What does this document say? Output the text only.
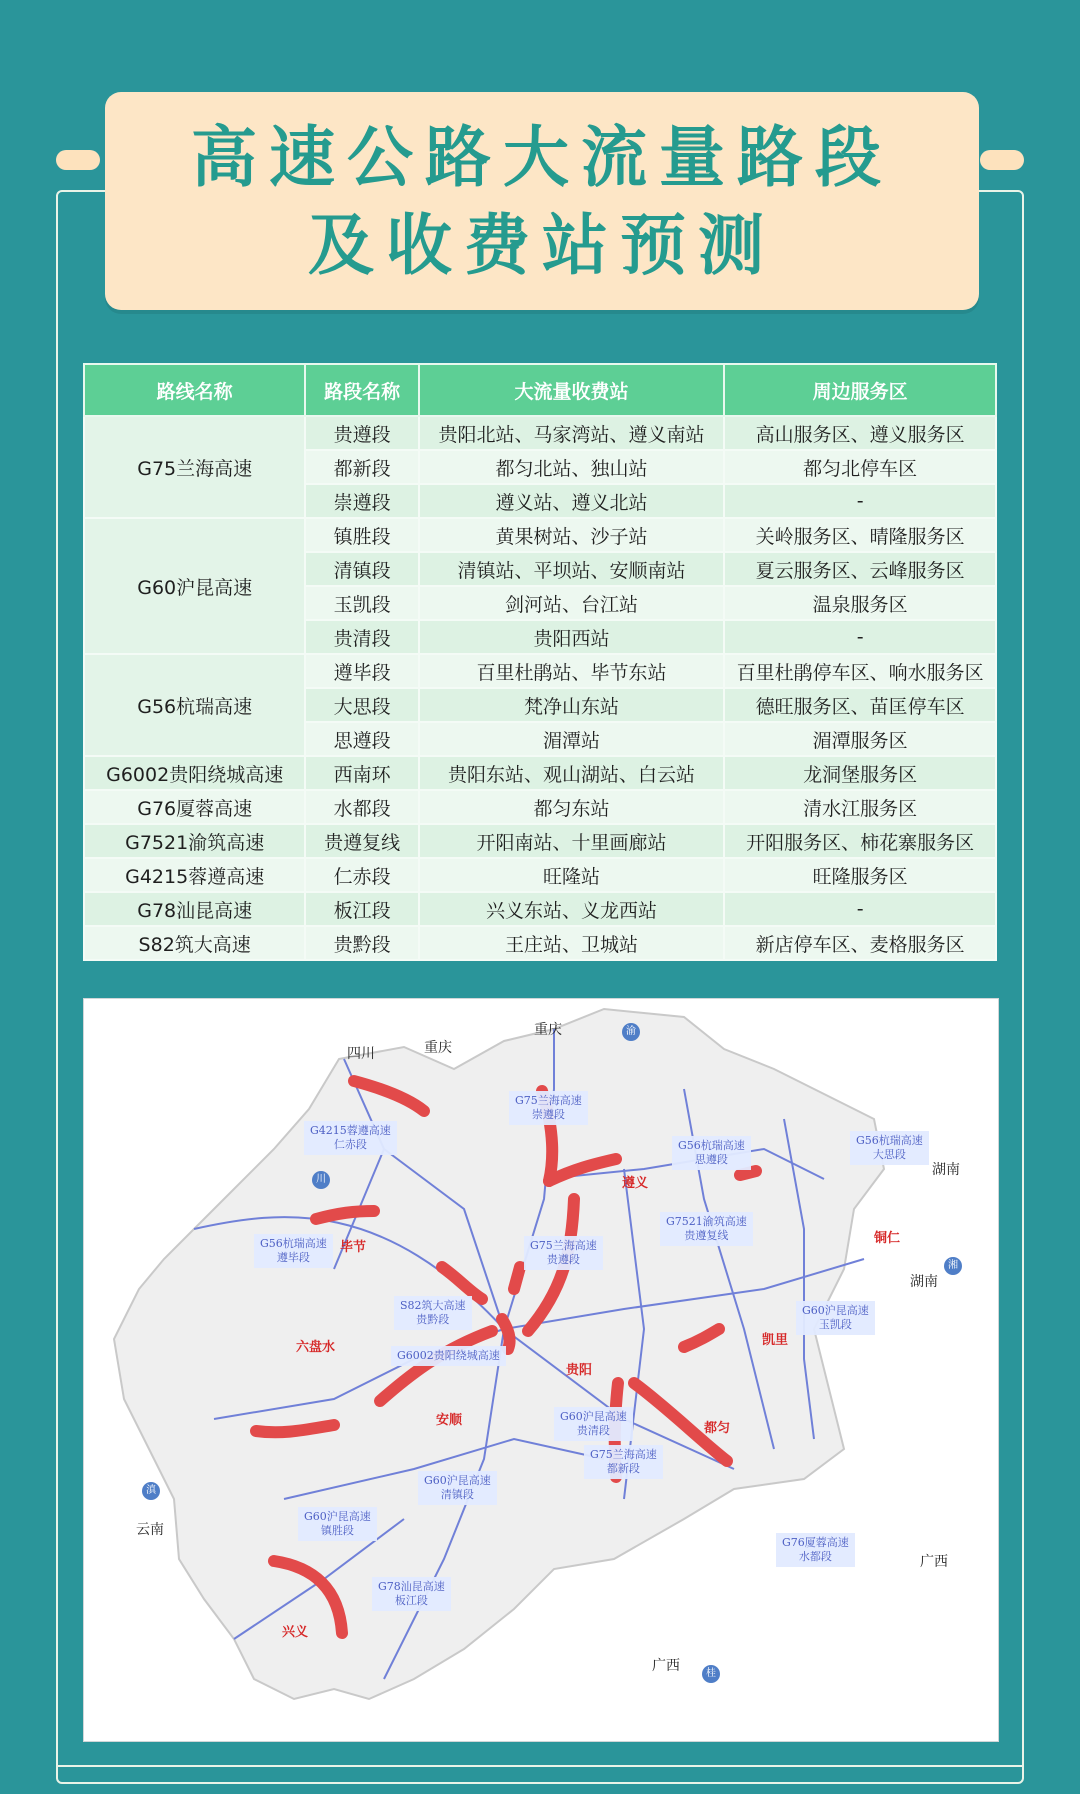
高速公路大流量路段
及收费站预测
路线名称	路段名称	大流量收费站	周边服务区
G75兰海高速	贵遵段	贵阳北站、马家湾站、遵义南站	高山服务区、遵义服务区
	都新段	都匀北站、独山站	都匀北停车区
	崇遵段	遵义站、遵义北站	-
G60沪昆高速	镇胜段	黄果树站、沙子站	关岭服务区、晴隆服务区
	清镇段	清镇站、平坝站、安顺南站	夏云服务区、云峰服务区
	玉凯段	剑河站、台江站	温泉服务区
	贵清段	贵阳西站	-
G56杭瑞高速	遵毕段	百里杜鹃站、毕节东站	百里杜鹃停车区、响水服务区
	大思段	梵净山东站	德旺服务区、苗匡停车区
	思遵段	湄潭站	湄潭服务区
G6002贵阳绕城高速	西南环	贵阳东站、观山湖站、白云站	龙洞堡服务区
G76厦蓉高速	水都段	都匀东站	清水江服务区
G7521渝筑高速	贵遵复线	开阳南站、十里画廊站	开阳服务区、柿花寨服务区
G4215蓉遵高速	仁赤段	旺隆站	旺隆服务区
G78汕昆高速	板江段	兴义东站、义龙西站	-
S82筑大高速	贵黔段	王庄站、卫城站	新店停车区、麦格服务区
四川	重庆
重庆
湖南
湖南
广西
广西
云南
川
渝
湘
滇
桂
遵义
毕节
六盘水
贵阳
安顺
凯里
都匀
铜仁
兴义
G75兰海高速
崇遵段
G4215蓉遵高速
仁赤段	G56杭瑞高速
思遵段
G56杭瑞高速
大思段
G56杭瑞高速
遵毕段
G75兰海高速
贵遵段
G7521渝筑高速
贵遵复线
S82筑大高速
贵黔段
G6002贵阳绕城高速
G60沪昆高速
玉凯段
G60沪昆高速
贵清段
G75兰海高速
都新段
G60沪昆高速
清镇段
G60沪昆高速
镇胜段
G76厦蓉高速
水都段
G78汕昆高速
板江段
